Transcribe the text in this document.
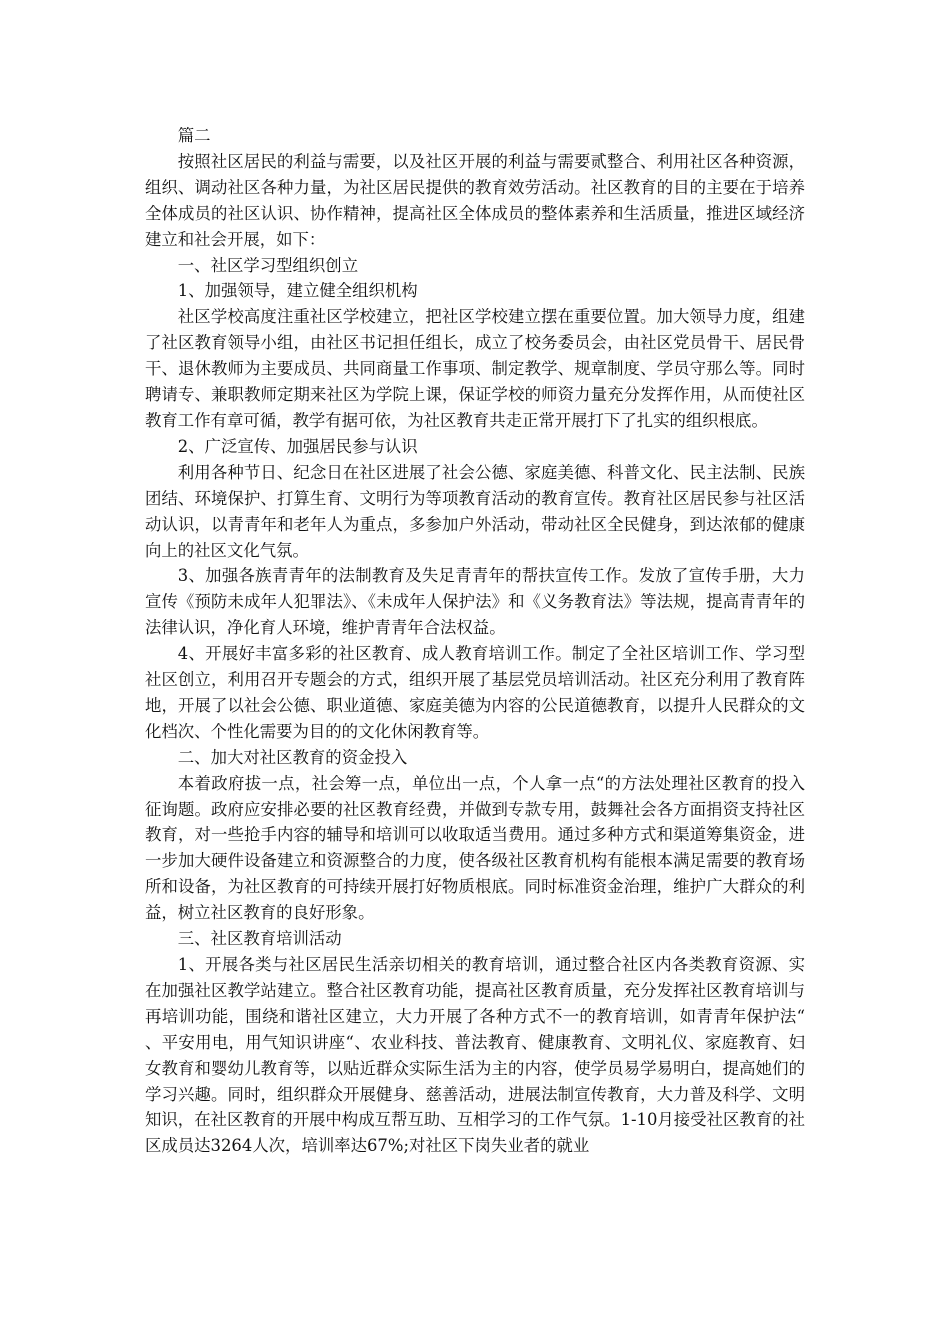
篇二

按照社区居民的利益与需要，以及社区开展的利益与需要贰整合、利用社区各种资源，组织、调动社区各种力量，为社区居民提供的教育效劳活动。社区教育的目的主要在于培养全体成员的社区认识、协作精神，提高社区全体成员的整体素养和生活质量，推进区域经济建立和社会开展，如下：

一、社区学习型组织创立

1、加强领导，建立健全组织机构

社区学校高度注重社区学校建立，把社区学校建立摆在重要位置。加大领导力度，组建了社区教育领导小组，由社区书记担任组长，成立了校务委员会，由社区党员骨干、居民骨干、退休教师为主要成员、共同商量工作事项、制定教学、规章制度、学员守那么等。同时聘请专、兼职教师定期来社区为学院上课，保证学校的师资力量充分发挥作用，从而使社区教育工作有章可循，教学有据可依，为社区教育共走正常开展打下了扎实的组织根底。

2、广泛宣传、加强居民参与认识

利用各种节日、纪念日在社区进展了社会公德、家庭美德、科普文化、民主法制、民族团结、环境保护、打算生育、文明行为等项教育活动的教育宣传。教育社区居民参与社区活动认识，以青青年和老年人为重点，多参加户外活动，带动社区全民健身，到达浓郁的健康向上的社区文化气氛。

3、加强各族青青年的法制教育及失足青青年的帮扶宣传工作。发放了宣传手册，大力宣传《预防未成年人犯罪法》、《未成年人保护法》和《义务教育法》等法规，提高青青年的法律认识，净化育人环境，维护青青年合法权益。

4、开展好丰富多彩的社区教育、成人教育培训工作。制定了全社区培训工作、学习型社区创立，利用召开专题会的方式，组织开展了基层党员培训活动。社区充分利用了教育阵地，开展了以社会公德、职业道德、家庭美德为内容的公民道德教育，以提升人民群众的文化档次、个性化需要为目的的文化休闲教育等。

二、加大对社区教育的资金投入

本着政府拔一点，社会筹一点，单位出一点，个人拿一点“的方法处理社区教育的投入征询题。政府应安排必要的社区教育经费，并做到专款专用，鼓舞社会各方面捐资支持社区教育，对一些抢手内容的辅导和培训可以收取适当费用。通过多种方式和渠道筹集资金，进一步加大硬件设备建立和资源整合的力度，使各级社区教育机构有能根本满足需要的教育场所和设备，为社区教育的可持续开展打好物质根底。同时标准资金治理，维护广大群众的利益，树立社区教育的良好形象。

三、社区教育培训活动

1、开展各类与社区居民生活亲切相关的教育培训，通过整合社区内各类教育资源、实在加强社区教学站建立。整合社区教育功能，提高社区教育质量，充分发挥社区教育培训与再培训功能，围绕和谐社区建立，大力开展了各种方式不一的教育培训，如青青年保护法“、平安用电，用气知识讲座“、农业科技、普法教育、健康教育、文明礼仪、家庭教育、妇女教育和婴幼儿教育等，以贴近群众实际生活为主的内容，使学员易学易明白，提高她们的学习兴趣。同时，组织群众开展健身、慈善活动，进展法制宣传教育，大力普及科学、文明知识，在社区教育的开展中构成互帮互助、互相学习的工作气氛。1-10月接受社区教育的社区成员达3264人次，培训率达67%;对社区下岗失业者的就业
